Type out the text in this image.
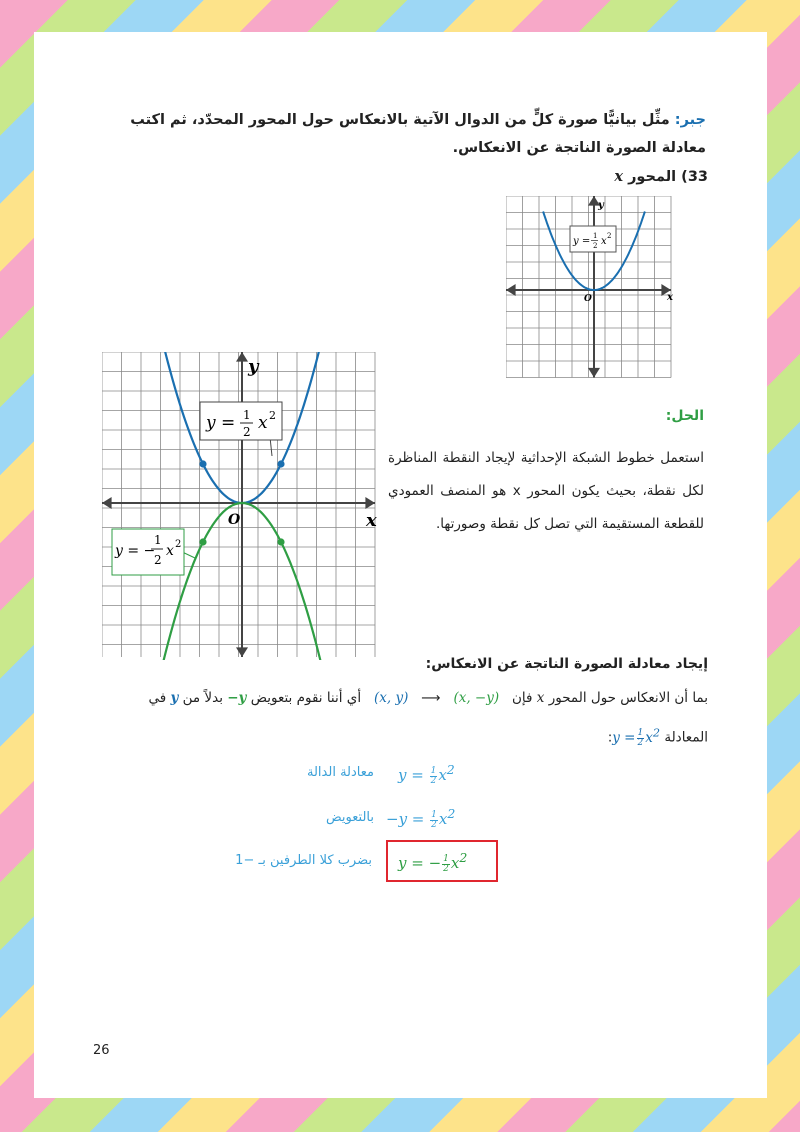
جبر: مثِّل بيانيًّا صورة كلٍّ من الدوال الآتية بالانعكاس حول المحور المحدّد، ثم اكتب معادلة الصورة الناتجة عن الانعكاس.
33) المحور x
y = 1
2 x 2
x
y
O
y = 1
2 x 2
y = −
1
2
x 2
x
y
O
الحل:
استعمل خطوط الشبكة الإحداثية لإيجاد النقطة المناظرة لكل نقطة، بحيث يكون المحور x هو المنصف العمودي للقطعة المستقيمة التي تصل كل نقطة وصورتها.
إيجاد معادلة الصورة الناتجة عن الانعكاس:
بما أن الانعكاس حول المحور x فإن   (x, −y)   ⟶   (x, y)   أي أننا نقوم بتعويض −y بدلاً من y في
المعادلة $y = \frac{1}{2} x^2$:
$y = \frac{1}{2} x^2$
معادلة الدالة
$-y = \frac{1}{2} x^2$
بالتعويض
y = − $\frac{1}{2} x^2$
بضرب كلا الطرفين بـ −1
26
